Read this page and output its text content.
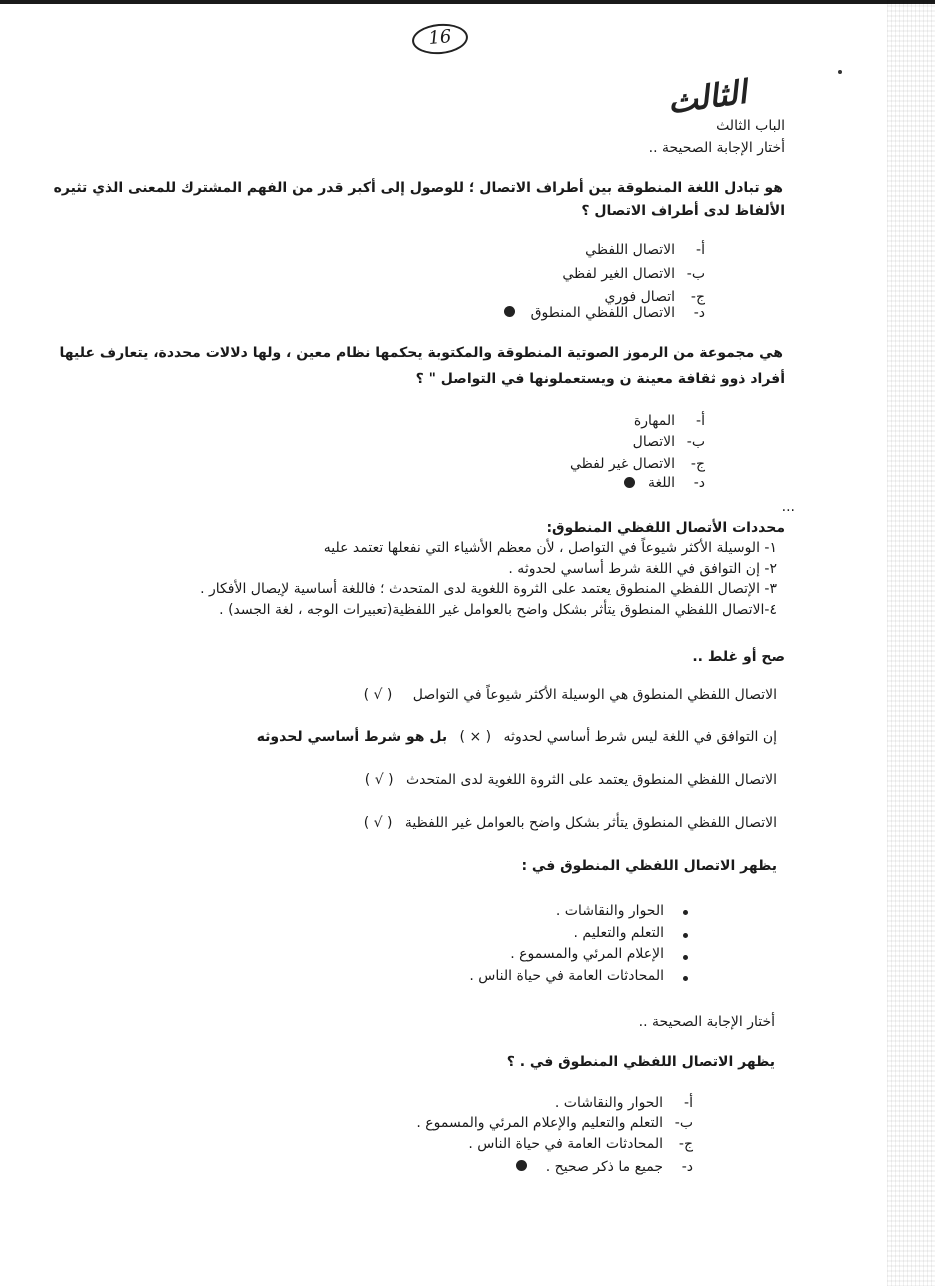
16
الثالث
الباب الثالث
أختار الإجابة الصحيحة ..
هو تبادل اللغة المنطوقة بين أطراف الاتصال ؛ للوصول إلى أكبر قدر من الفهم المشترك للمعنى الذي تثيره
الألفاظ لدى أطراف الاتصال ؟
أ-
الاتصال اللفظي
ب-
الاتصال الغير لفظي
ج-
اتصال فوري
د-
الاتصال اللفظي المنطوق
هي مجموعة من الرموز الصوتية المنطوقة والمكتوبة يحكمها نظام معين ، ولها دلالات محددة، يتعارف عليها
أفراد ذوو ثقافة معينة ن ويستعملونها في التواصل " ؟
أ-
المهارة
ب-
الاتصال
ج-
الاتصال غير لفظي
د-
اللغة
...
محددات الأتصال اللفظي المنطوق:
١- الوسيلة الأكثر شيوعاً في التواصل ، لأن معظم الأشياء التي نفعلها تعتمد عليه
٢- إن التوافق في اللغة شرط أساسي لحدوثه .
٣- الإتصال اللفظي المنطوق يعتمد على الثروة اللغوية لدى المتحدث ؛ فاللغة أساسية لإيصال الأفكار .
٤-الاتصال اللفظي المنطوق يتأثر بشكل واضح بالعوامل غير اللفظية(تعبيرات الوجه ، لغة الجسد) .
صح أو غلط ..
الاتصال اللفظي المنطوق هي الوسيلة الأكثر شيوعاً في التواصل ( √ )
إن التوافق في اللغة ليس شرط أساسي لحدوثه ( × ) بل هو شرط أساسي لحدوثه
الاتصال اللفظي المنطوق يعتمد على الثروة اللغوية لدى المتحدث ( √ )
الاتصال اللفظي المنطوق يتأثر بشكل واضح بالعوامل غير اللفظية ( √ )
يظهر الاتصال اللفظي المنطوق في :
الحوار والنقاشات .
التعلم والتعليم .
الإعلام المرئي والمسموع .
المحادثات العامة في حياة الناس .
أختار الإجابة الصحيحة ..
يظهر الاتصال اللفظي المنطوق في . ؟
أ-
الحوار والنقاشات .
ب-
التعلم والتعليم والإعلام المرئي والمسموع .
ج-
المحادثات العامة في حياة الناس .
د-
جميع ما ذكر صحيح .
